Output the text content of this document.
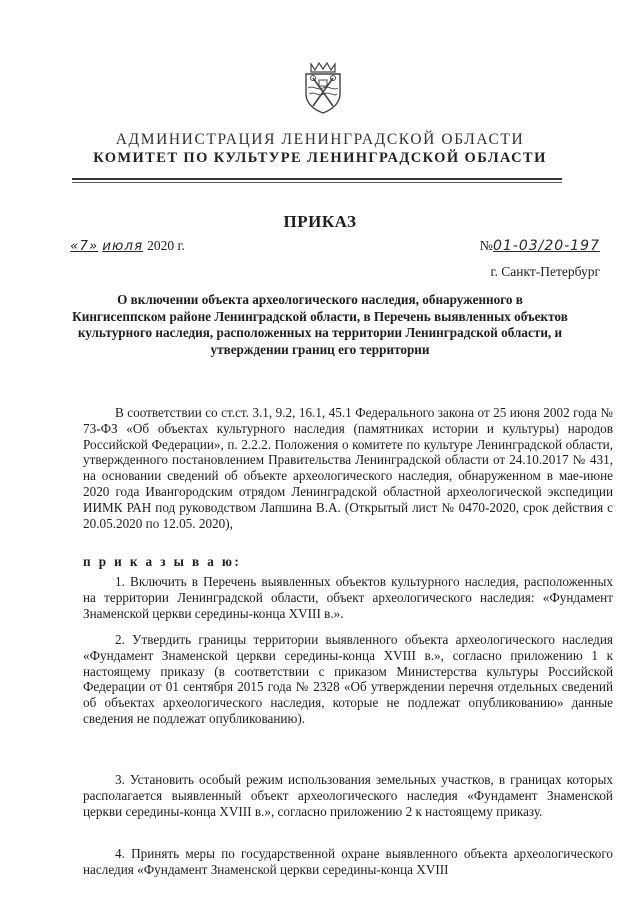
АДМИНИСТРАЦИЯ ЛЕНИНГРАДСКОЙ ОБЛАСТИ
КОМИТЕТ ПО КУЛЬТУРЕ ЛЕНИНГРАДСКОЙ ОБЛАСТИ
ПРИКАЗ
«7» июля 2020 г.	№01-03/20-197
г. Санкт-Петербург
О включении объекта археологического наследия, обнаруженного в Кингисеппском районе Ленинградской области, в Перечень выявленных объектов культурного наследия, расположенных на территории Ленинградской области, и утверждении границ его территории
В соответствии со ст.ст. 3.1, 9.2, 16.1, 45.1 Федерального закона от 25 июня 2002 года № 73-ФЗ «Об объектах культурного наследия (памятниках истории и культуры) народов Российской Федерации», п. 2.2.2. Положения о комитете по культуре Ленинградской области, утвержденного постановлением Правительства Ленинградской области от 24.10.2017 № 431, на основании сведений об объекте археологического наследия, обнаруженном в мае-июне 2020 года Ивангородским отрядом Ленинградской областной археологической экспедиции ИИМК РАН под руководством Лапшина В.А. (Открытый лист № 0470-2020, срок действия с 20.05.2020 по 12.05. 2020),
п р и к а з ы в а ю:
1. Включить в Перечень выявленных объектов культурного наследия, расположенных на территории Ленинградской области, объект археологического наследия: «Фундамент Знаменской церкви середины-конца XVIII в.».
2. Утвердить границы территории выявленного объекта археологического наследия «Фундамент Знаменской церкви середины-конца XVIII в.», согласно приложению 1 к настоящему приказу (в соответствии с приказом Министерства культуры Российской Федерации от 01 сентября 2015 года № 2328 «Об утверждении перечня отдельных сведений об объектах археологического наследия, которые не подлежат опубликованию» данные сведения не подлежат опубликованию).
3. Установить особый режим использования земельных участков, в границах которых располагается выявленный объект археологического наследия «Фундамент Знаменской церкви середины-конца XVIII в.», согласно приложению 2 к настоящему приказу.
4. Принять меры по государственной охране выявленного объекта археологического наследия «Фундамент Знаменской церкви середины-конца XVIII
